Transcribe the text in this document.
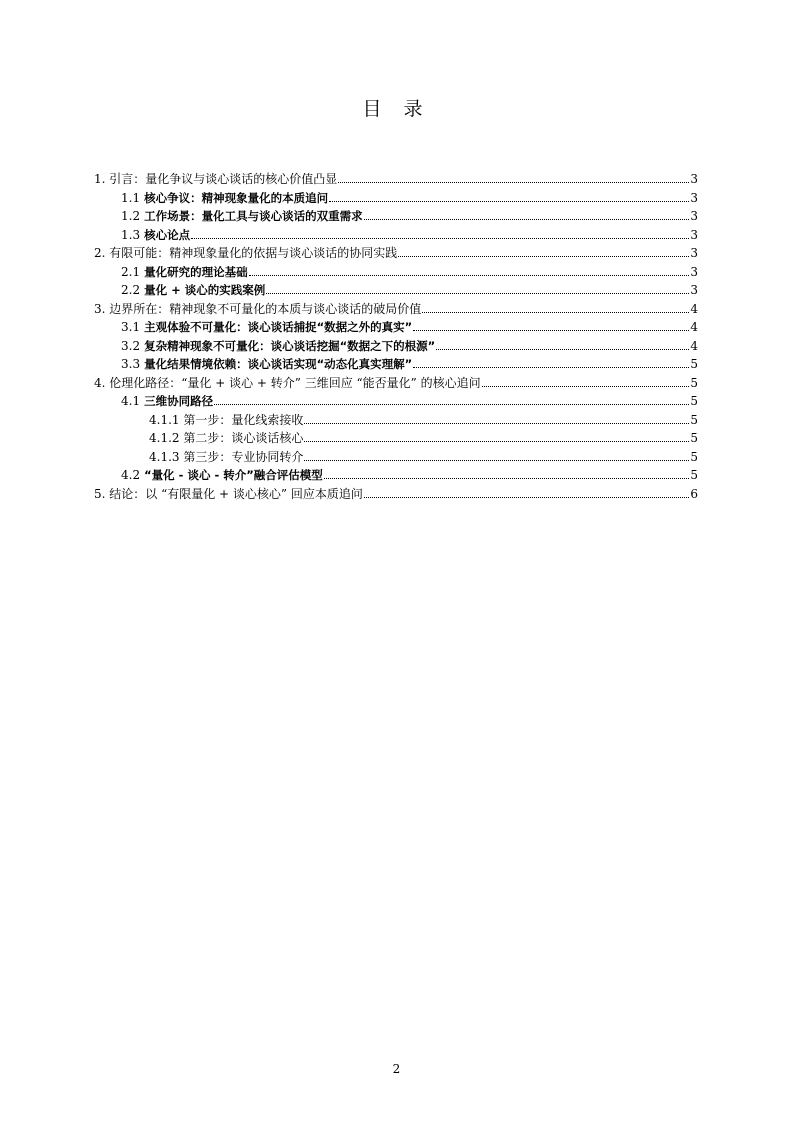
目 录
1. 引言：量化争议与谈心谈话的核心价值凸显	3
1.1 核心争议：精神现象量化的本质追问	3
1.2 工作场景：量化工具与谈心谈话的双重需求	3
1.3 核心论点	3
2. 有限可能：精神现象量化的依据与谈心谈话的协同实践	3
2.1 量化研究的理论基础	3
2.2 量化 + 谈心的实践案例	3
3. 边界所在：精神现象不可量化的本质与谈心谈话的破局价值	4
3.1 主观体验不可量化：谈心谈话捕捉“数据之外的真实”	4
3.2 复杂精神现象不可量化：谈心谈话挖掘“数据之下的根源”	4
3.3 量化结果情境依赖：谈心谈话实现“动态化真实理解”	5
4. 伦理化路径：“量化 + 谈心 + 转介” 三维回应 “能否量化” 的核心追问	5
4.1 三维协同路径	5
4.1.1 第一步：量化线索接收	5
4.1.2 第二步：谈心谈话核心	5
4.1.3 第三步：专业协同转介	5
4.2 “量化 - 谈心 - 转介”融合评估模型	5
5. 结论：以 “有限量化 + 谈心核心” 回应本质追问	6
2
